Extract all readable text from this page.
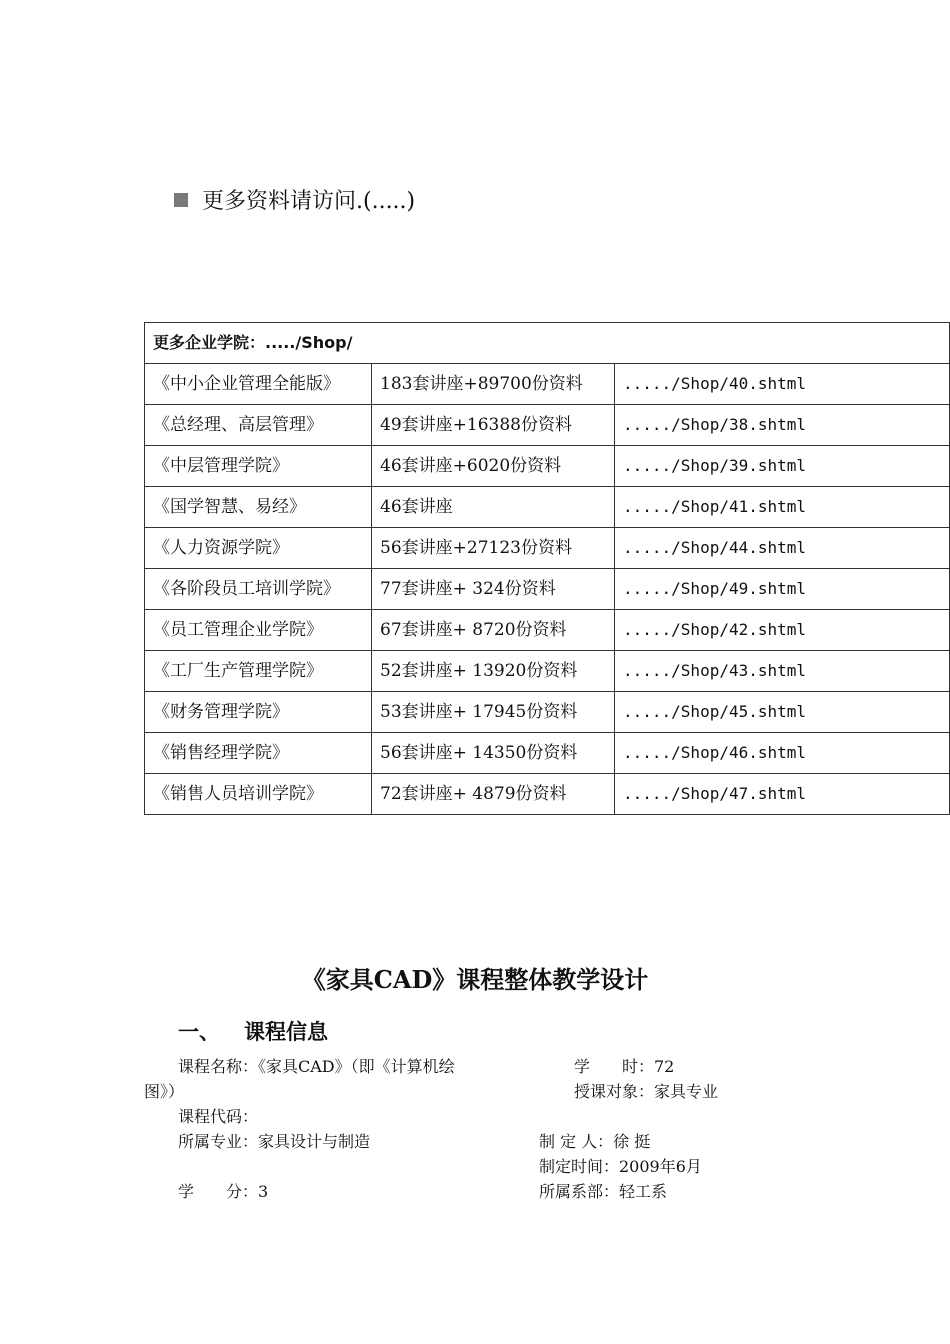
更多资料请访问.(.....)
更多企业学院：...../Shop/		
《中小企业管理全能版》	183套讲座+89700份资料	...../Shop/40.shtml
《总经理、高层管理》	49套讲座+16388份资料	...../Shop/38.shtml
《中层管理学院》	46套讲座+6020份资料	...../Shop/39.shtml
《国学智慧、易经》	46套讲座	...../Shop/41.shtml
《人力资源学院》	56套讲座+27123份资料	...../Shop/44.shtml
《各阶段员工培训学院》	77套讲座+ 324份资料	...../Shop/49.shtml
《员工管理企业学院》	67套讲座+ 8720份资料	...../Shop/42.shtml
《工厂生产管理学院》	52套讲座+ 13920份资料	...../Shop/43.shtml
《财务管理学院》	53套讲座+ 17945份资料	...../Shop/45.shtml
《销售经理学院》	56套讲座+ 14350份资料	...../Shop/46.shtml
《销售人员培训学院》	72套讲座+ 4879份资料	...../Shop/47.shtml
《家具CAD》课程整体教学设计
一、 课程信息
课程名称：《家具CAD》（即《计算机绘
图》）
学　　时：72
授课对象：家具专业
课程代码：
所属专业：家具设计与制造	制 定 人：徐 挺
制定时间：2009年6月
学　　分：3	所属系部：轻工系
